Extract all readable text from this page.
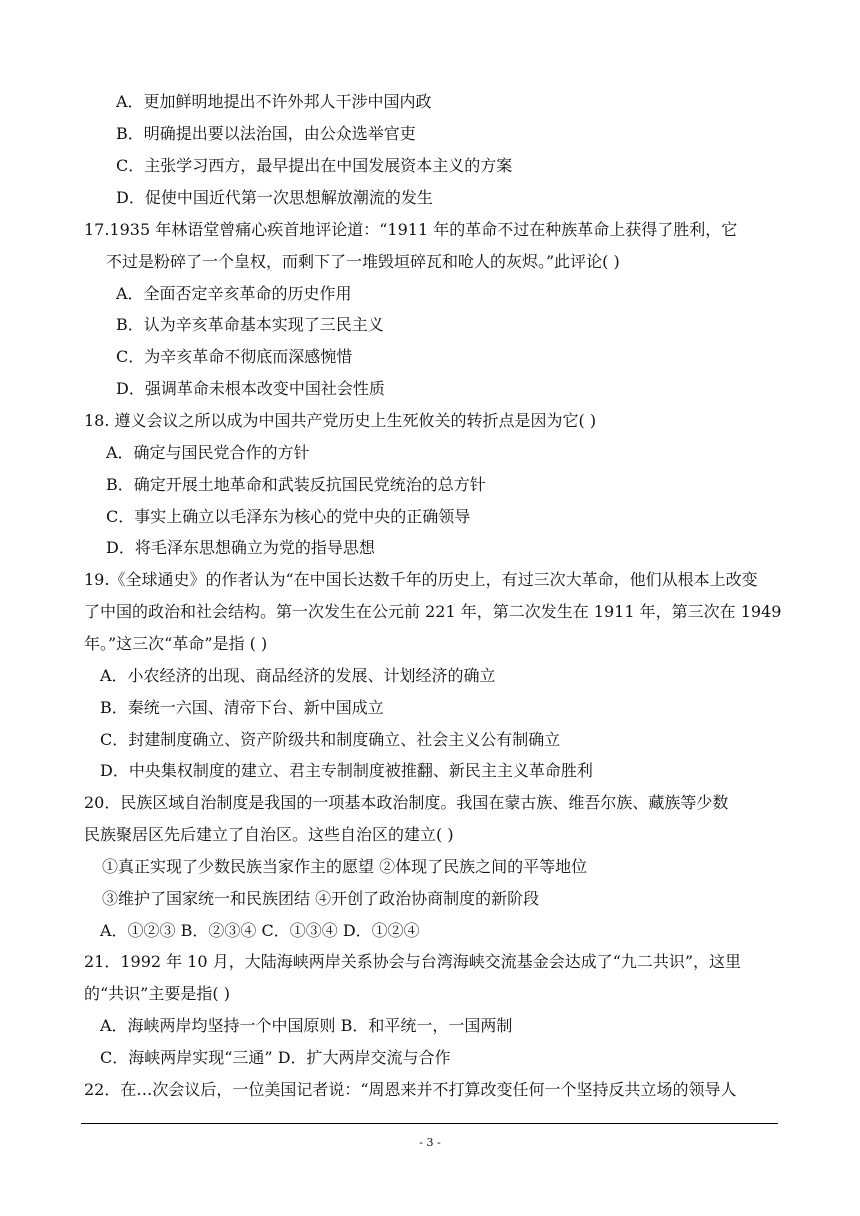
A．更加鲜明地提出不许外邦人干涉中国内政
B．明确提出要以法治国，由公众选举官吏
C．主张学习西方，最早提出在中国发展资本主义的方案
D．促使中国近代第一次思想解放潮流的发生
17.1935 年林语堂曾痛心疾首地评论道：“1911 年的革命不过在种族革命上获得了胜利，它
不过是粉碎了一个皇权，而剩下了一堆毁垣碎瓦和呛人的灰烬。”此评论( )
A．全面否定辛亥革命的历史作用
B．认为辛亥革命基本实现了三民主义
C．为辛亥革命不彻底而深感惋惜
D．强调革命未根本改变中国社会性质
18. 遵义会议之所以成为中国共产党历史上生死攸关的转折点是因为它( )
A．确定与国民党合作的方针
B．确定开展土地革命和武装反抗国民党统治的总方针
C．事实上确立以毛泽东为核心的党中央的正确领导
D．将毛泽东思想确立为党的指导思想
19.《全球通史》的作者认为“在中国长达数千年的历史上，有过三次大革命，他们从根本上改变
了中国的政治和社会结构。第一次发生在公元前 221 年，第二次发生在 1911 年，第三次在 1949
年。”这三次“革命”是指 ( )
A．小农经济的出现、商品经济的发展、计划经济的确立
B．秦统一六国、清帝下台、新中国成立
C．封建制度确立、资产阶级共和制度确立、社会主义公有制确立
D．中央集权制度的建立、君主专制制度被推翻、新民主主义革命胜利
20．民族区域自治制度是我国的一项基本政治制度。我国在蒙古族、维吾尔族、藏族等少数
民族聚居区先后建立了自治区。这些自治区的建立( )
①真正实现了少数民族当家作主的愿望 ②体现了民族之间的平等地位
③维护了国家统一和民族团结 ④开创了政治协商制度的新阶段
A．①②③ B．②③④ C．①③④ D．①②④
21．1992 年 10 月，大陆海峡两岸关系协会与台湾海峡交流基金会达成了“九二共识”，这里
的“共识”主要是指( )
A．海峡两岸均坚持一个中国原则 B．和平统一，一国两制
C．海峡两岸实现“三通” D．扩大两岸交流与合作
22．在…次会议后，一位美国记者说：“周恩来并不打算改变任何一个坚持反共立场的领导人
- 3 -
